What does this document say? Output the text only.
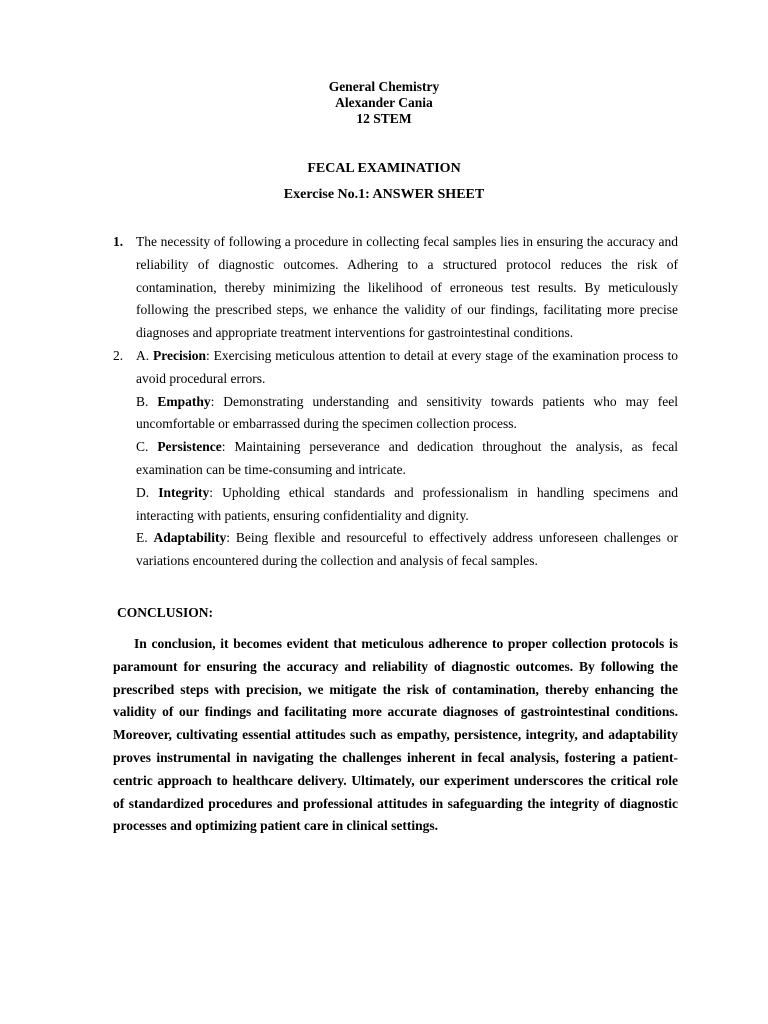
General Chemistry
Alexander Cania
12 STEM
FECAL EXAMINATION
Exercise No.1: ANSWER SHEET
1. The necessity of following a procedure in collecting fecal samples lies in ensuring the accuracy and reliability of diagnostic outcomes. Adhering to a structured protocol reduces the risk of contamination, thereby minimizing the likelihood of erroneous test results. By meticulously following the prescribed steps, we enhance the validity of our findings, facilitating more precise diagnoses and appropriate treatment interventions for gastrointestinal conditions.
2. A. Precision: Exercising meticulous attention to detail at every stage of the examination process to avoid procedural errors.
B. Empathy: Demonstrating understanding and sensitivity towards patients who may feel uncomfortable or embarrassed during the specimen collection process.
C. Persistence: Maintaining perseverance and dedication throughout the analysis, as fecal examination can be time-consuming and intricate.
D. Integrity: Upholding ethical standards and professionalism in handling specimens and interacting with patients, ensuring confidentiality and dignity.
E. Adaptability: Being flexible and resourceful to effectively address unforeseen challenges or variations encountered during the collection and analysis of fecal samples.
CONCLUSION:
In conclusion, it becomes evident that meticulous adherence to proper collection protocols is paramount for ensuring the accuracy and reliability of diagnostic outcomes. By following the prescribed steps with precision, we mitigate the risk of contamination, thereby enhancing the validity of our findings and facilitating more accurate diagnoses of gastrointestinal conditions. Moreover, cultivating essential attitudes such as empathy, persistence, integrity, and adaptability proves instrumental in navigating the challenges inherent in fecal analysis, fostering a patient-centric approach to healthcare delivery. Ultimately, our experiment underscores the critical role of standardized procedures and professional attitudes in safeguarding the integrity of diagnostic processes and optimizing patient care in clinical settings.
